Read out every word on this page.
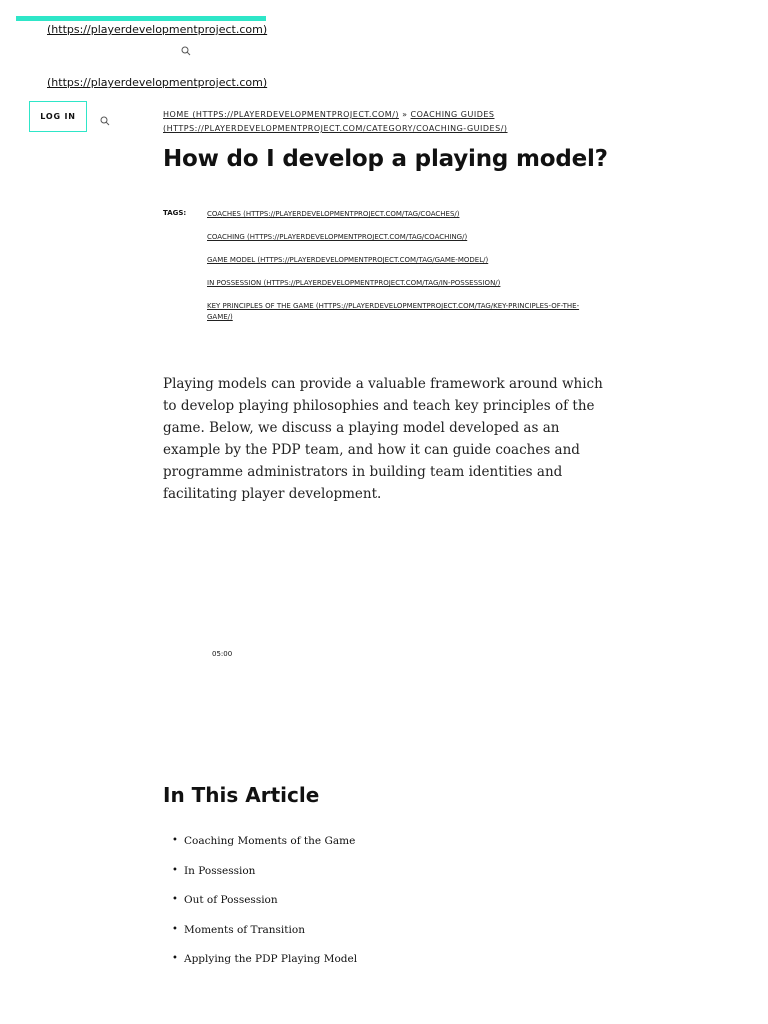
(https://playerdevelopmentproject.com)
(https://playerdevelopmentproject.com)
LOG IN	HOME (HTTPS://PLAYERDEVELOPMENTPROJECT.COM/) » COACHING GUIDES
(HTTPS://PLAYERDEVELOPMENTPROJECT.COM/CATEGORY/COACHING-GUIDES/)
How do I develop a playing model?
TAGS:	COACHES (HTTPS://PLAYERDEVELOPMENTPROJECT.COM/TAG/COACHES/)
COACHING (HTTPS://PLAYERDEVELOPMENTPROJECT.COM/TAG/COACHING/)
GAME MODEL (HTTPS://PLAYERDEVELOPMENTPROJECT.COM/TAG/GAME-MODEL/)
IN POSSESSION (HTTPS://PLAYERDEVELOPMENTPROJECT.COM/TAG/IN-POSSESSION/)
KEY PRINCIPLES OF THE GAME (HTTPS://PLAYERDEVELOPMENTPROJECT.COM/TAG/KEY-PRINCIPLES-OF-THE-GAME/)

Playing models can provide a valuable framework around which to develop playing philosophies and teach key principles of the game. Below, we discuss a playing model developed as an example by the PDP team, and how it can guide coaches and programme administrators in building team identities and facilitating player development.

05:00
In This Article
• Coaching Moments of the Game
• In Possession
• Out of Possession
• Moments of Transition
• Applying the PDP Playing Model
